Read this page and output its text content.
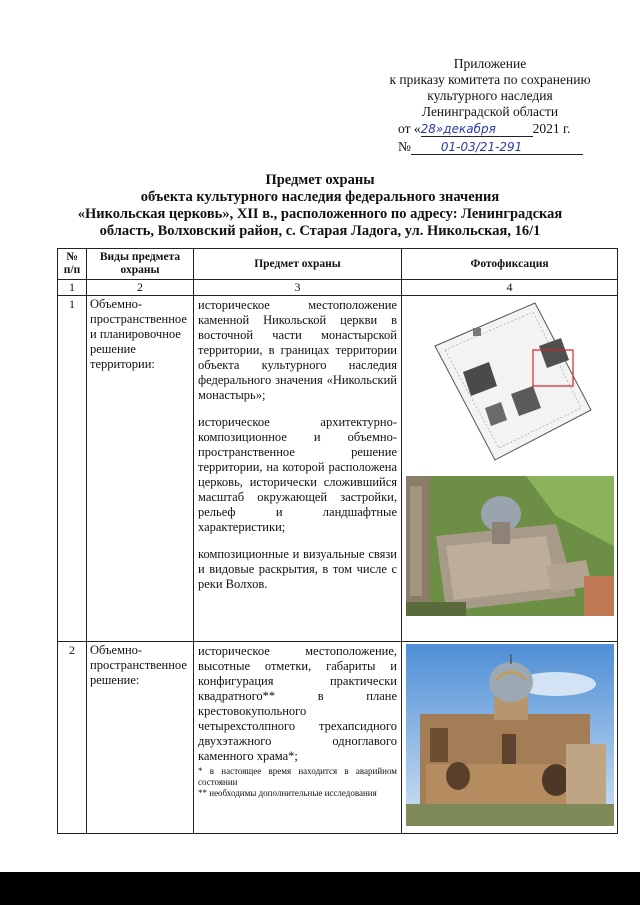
Приложение
к приказу комитета по сохранению
культурного наследия
Ленинградской области
от «28»декабря	2021 г.
№	01-03/21-291
Предмет охраны
объекта культурного наследия федерального значения
«Никольская церковь», XII в., расположенного по адресу: Ленинградская
область, Волховский район, с. Старая Ладога, ул. Никольская, 16/1
№ п/п	Виды предмета охраны	Предмет охраны	Фотофиксация
1	2	3	4
1	Объемно-пространственное и планировочное решение территории:	историческое местоположение каменной Никольской церкви в восточной части монастырской территории, в границах территории объекта культурного наследия федерального значения «Никольский монастырь»;

историческое архитектурно-композиционное и объемно-пространственное решение территории, на которой расположена церковь, исторически сложившийся масштаб окружающей застройки, рельеф и ландшафтные характеристики;

композиционные и визуальные связи и видовые раскрытия, в том числе с реки Волхов.

2	Объемно-пространственное решение:	историческое местоположение, высотные отметки, габариты и конфигурация практически квадратного** в плане крестовокупольного четырехстолпного трехапсидного двухэтажного одноглавого каменного храма*;

* в настоящее время находится в аварийном состоянии
** необходимы дополнительные исследования
